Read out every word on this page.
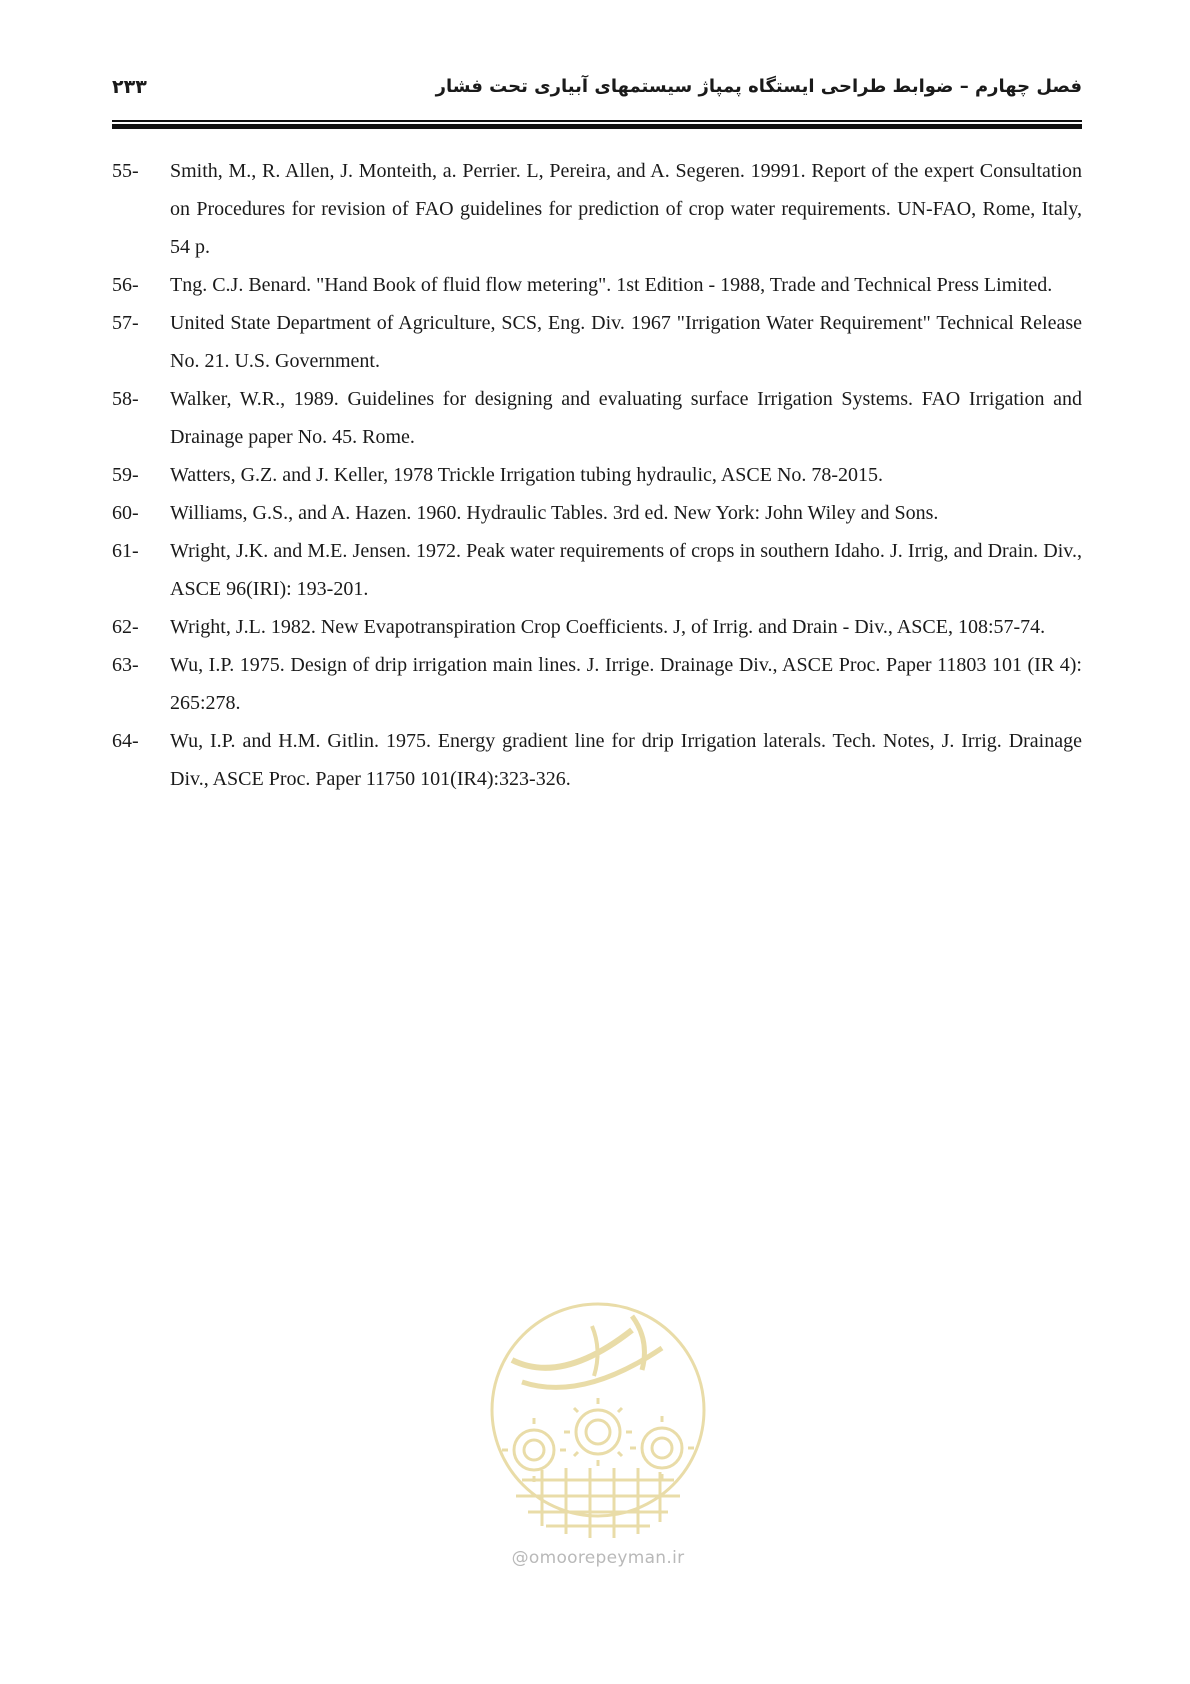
۲۳۳	فصل چهارم – ضوابط طراحی ایستگاه پمپاژ سیستمهای آبیاری تحت فشار
55-	Smith, M., R. Allen, J. Monteith, a. Perrier. L, Pereira, and A. Segeren. 19991. Report of the expert Consultation on Procedures for revision of FAO guidelines for prediction of crop water requirements. UN-FAO, Rome, Italy, 54 p.
56-	Tng. C.J. Benard. "Hand Book of fluid flow metering". 1st Edition - 1988, Trade and Technical Press Limited.
57-	United State Department of Agriculture, SCS, Eng. Div. 1967 "Irrigation Water Requirement" Technical Release No. 21. U.S. Government.
58-	Walker, W.R., 1989. Guidelines for designing and evaluating surface Irrigation Systems. FAO Irrigation and Drainage paper No. 45. Rome.
59-	Watters, G.Z. and J. Keller, 1978 Trickle Irrigation tubing hydraulic, ASCE No. 78-2015.
60-	Williams, G.S., and A. Hazen. 1960. Hydraulic Tables. 3rd ed. New York: John Wiley and Sons.
61-	Wright, J.K. and M.E. Jensen. 1972. Peak water requirements of crops in southern Idaho. J. Irrig, and Drain. Div., ASCE 96(IRI): 193-201.
62-	Wright, J.L. 1982. New Evapotranspiration Crop Coefficients. J, of Irrig. and Drain - Div., ASCE, 108:57-74.
63-	Wu, I.P. 1975. Design of drip irrigation main lines. J. Irrige. Drainage Div., ASCE Proc. Paper 11803 101 (IR 4): 265:278.
64-	Wu, I.P. and H.M. Gitlin. 1975. Energy gradient line for drip Irrigation laterals. Tech. Notes, J. Irrig. Drainage Div., ASCE Proc. Paper 11750 101(IR4):323-326.
@omoorepeyman.ir
